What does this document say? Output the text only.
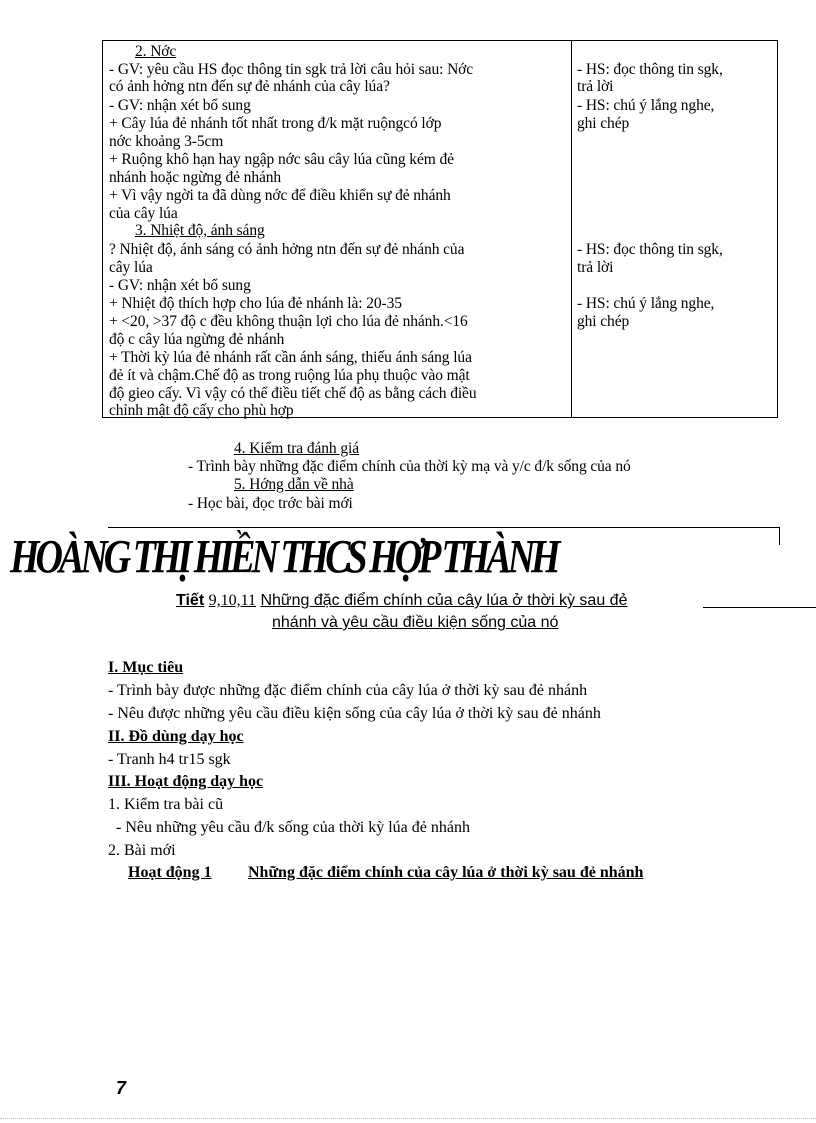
2. Nớc
- GV: yêu cầu HS đọc thông tin sgk trả lời câu hỏi sau: Nớc
có ảnh hởng ntn đến sự đẻ nhánh của cây lúa?
- GV: nhận xét bổ sung
+ Cây lúa đẻ nhánh tốt nhất trong đ/k mặt ruộngcó lớp
nớc khoảng 3-5cm
+ Ruộng khô hạn hay ngập nớc sâu cây lúa cũng kém đẻ
nhánh hoặc ngừng đẻ nhánh
+ Vì vậy ngời ta đã dùng nớc để điều khiển sự đẻ nhánh
của cây lúa
3. Nhiệt độ, ánh sáng
? Nhiệt độ, ánh sáng có ảnh hởng ntn đến sự đẻ nhánh của
cây lúa
- GV: nhận xét bổ sung
+ Nhiệt độ thích hợp cho lúa đẻ nhánh là: 20-35
+ <20, >37 độ c đều không thuận lợi cho lúa đẻ nhánh.<16
độ c cây lúa ngừng đẻ nhánh
+ Thời kỳ lúa đẻ nhánh rất cần ánh sáng, thiếu ánh sáng lúa
đẻ ít và chậm.Chế độ as trong ruộng lúa phụ thuộc vào mật
độ gieo cấy. Vì vậy có thể điều tiết chế độ as bằng cách điều
chỉnh mật độ cấy cho phù hợp
- HS: đọc thông tin sgk,
trả lời
- HS: chú ý lắng nghe,
ghi chép
- HS: đọc thông tin sgk,
trả lời
- HS: chú ý lắng nghe,
ghi chép
4. Kiểm tra đánh giá
- Trình bày những đặc điểm chính của thời kỳ mạ và y/c đ/k sống của nó
5. Hớng dẫn về nhà
- Học bài, đọc trớc bài mới
HOÀNG THỊ HIỀN THCS HỢP THÀNH
Tiết 9,10,11 Những đặc điểm chính của cây lúa ở thời kỳ sau đẻ
nhánh và yêu cầu điều kiện sống của nó
I. Mục tiêu
- Trình bày được những đặc điểm chính của cây lúa ở thời kỳ sau đẻ nhánh
- Nêu được những yêu cầu điều kiện sống của cây lúa ở thời kỳ sau đẻ nhánh
II. Đồ dùng dạy học
- Tranh h4 tr15 sgk
III. Hoạt động dạy học
1. Kiểm tra bài cũ
- Nêu những yêu cầu đ/k sống của thời kỳ lúa đẻ nhánh
2. Bài mới
Hoạt động 1 Những đặc điểm chính của cây lúa ở thời kỳ sau đẻ nhánh
7
